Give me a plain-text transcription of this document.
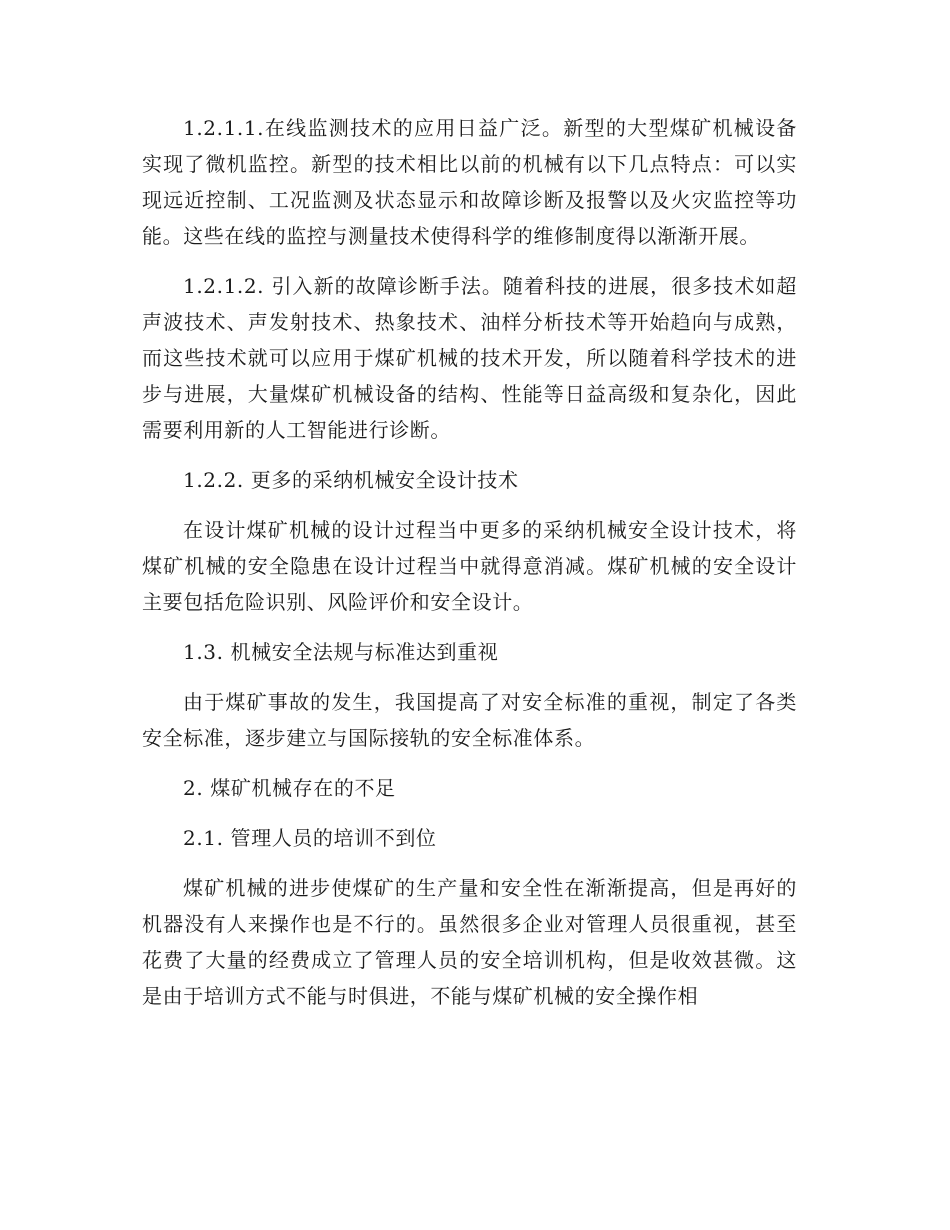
1.2.1.1.在线监测技术的应用日益广泛。新型的大型煤矿机械设备实现了微机监控。新型的技术相比以前的机械有以下几点特点：可以实现远近控制、工况监测及状态显示和故障诊断及报警以及火灾监控等功能。这些在线的监控与测量技术使得科学的维修制度得以渐渐开展。

1.2.1.2. 引入新的故障诊断手法。随着科技的进展，很多技术如超声波技术、声发射技术、热象技术、油样分析技术等开始趋向与成熟，而这些技术就可以应用于煤矿机械的技术开发，所以随着科学技术的进步与进展，大量煤矿机械设备的结构、性能等日益高级和复杂化，因此需要利用新的人工智能进行诊断。

1.2.2. 更多的采纳机械安全设计技术

在设计煤矿机械的设计过程当中更多的采纳机械安全设计技术，将煤矿机械的安全隐患在设计过程当中就得意消减。煤矿机械的安全设计主要包括危险识别、风险评价和安全设计。

1.3. 机械安全法规与标准达到重视

由于煤矿事故的发生，我国提高了对安全标准的重视，制定了各类安全标准，逐步建立与国际接轨的安全标准体系。

2. 煤矿机械存在的不足

2.1. 管理人员的培训不到位

煤矿机械的进步使煤矿的生产量和安全性在渐渐提高，但是再好的机器没有人来操作也是不行的。虽然很多企业对管理人员很重视，甚至花费了大量的经费成立了管理人员的安全培训机构，但是收效甚微。这是由于培训方式不能与时俱进，不能与煤矿机械的安全操作相
